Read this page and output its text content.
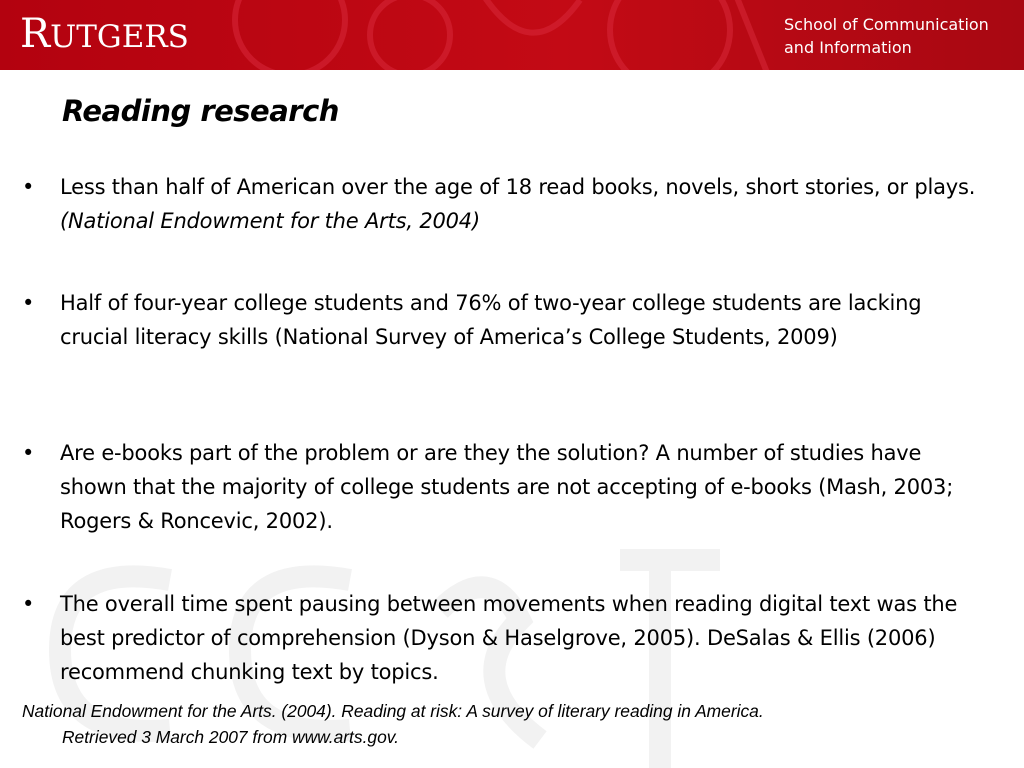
RUTGERS	School of Communication
and Information
Reading research
• Less than half of American over the age of 18 read books, novels, short stories, or plays. (National Endowment for the Arts, 2004)
• Half of four-year college students and 76% of two-year college students are lacking crucial literacy skills (National Survey of America’s College Students, 2009)
• Are e-books part of the problem or are they the solution? A number of studies have shown that the majority of college students are not accepting of e-books (Mash, 2003; Rogers & Roncevic, 2002).
• The overall time spent pausing between movements when reading digital text was the best predictor of comprehension (Dyson & Haselgrove, 2005). DeSalas & Ellis (2006) recommend chunking text by topics.
National Endowment for the Arts. (2004). Reading at risk: A survey of literary reading in America.
Retrieved 3 March 2007 from www.arts.gov.
